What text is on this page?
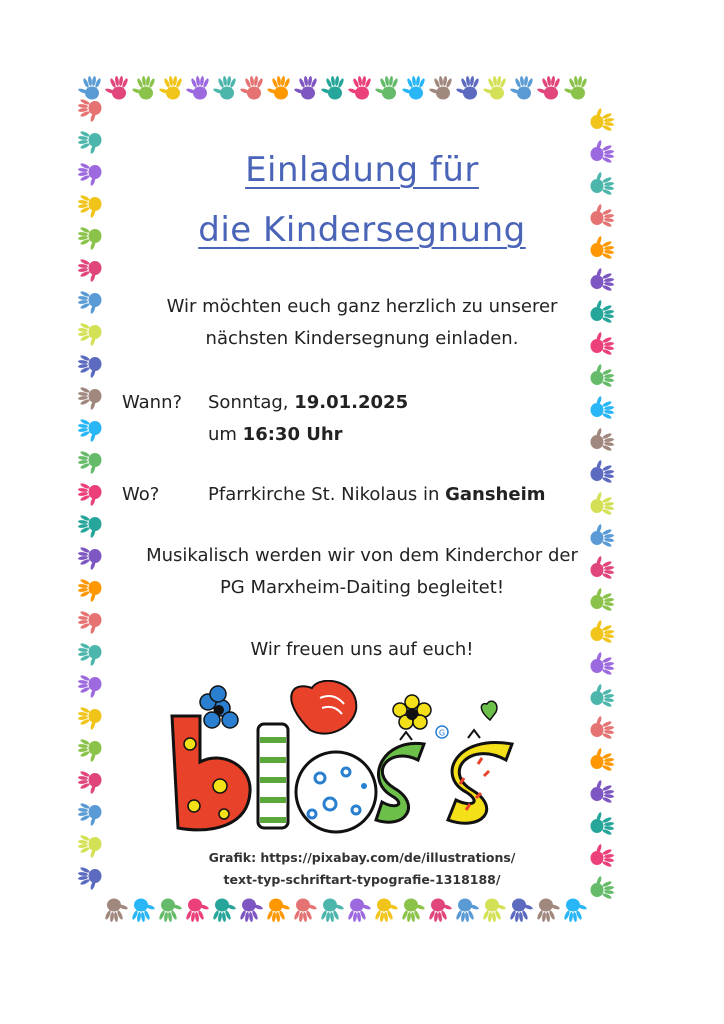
Einladung für
die Kindersegnung
Wir möchten euch ganz herzlich zu unserer
nächsten Kindersegnung einladen.
Wann? Sonntag, 19.01.2025
um 16:30 Uhr
Wo?	Pfarrkirche St. Nikolaus in Gansheim
Musikalisch werden wir von dem Kinderchor der
PG Marxheim-Daiting begleitet!
Wir freuen uns auf euch!
G
Grafik: https://pixabay.com/de/illustrations/
text-typ-schriftart-typografie-1318188/
